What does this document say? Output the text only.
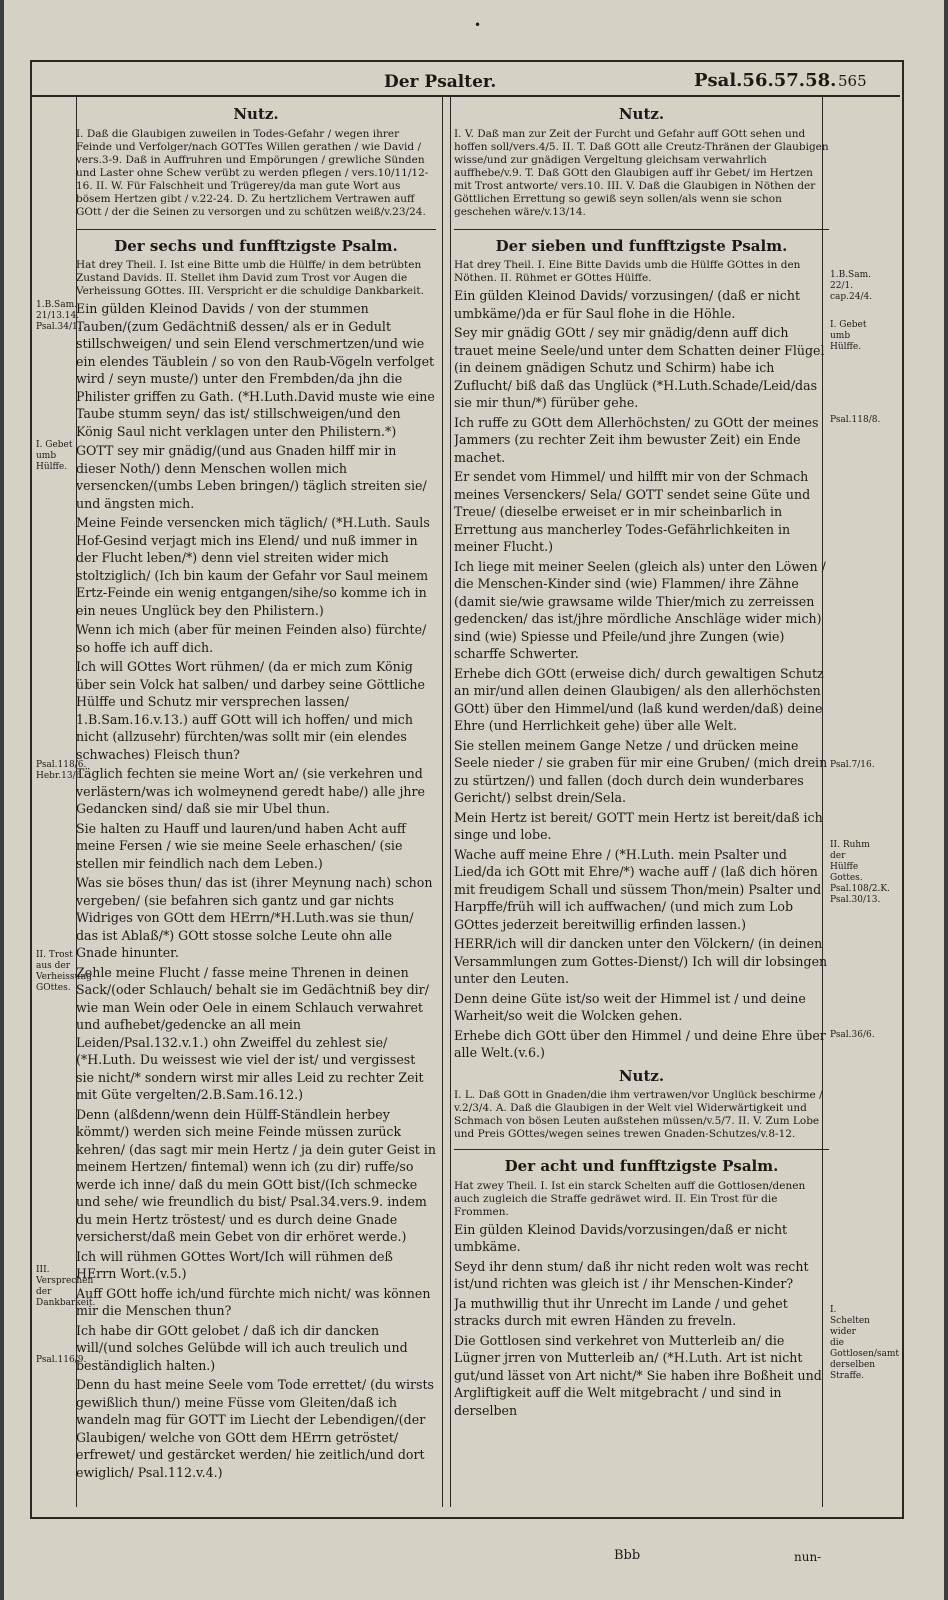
•
Der Psalter.	Psal.56.57.58. 565
1.B.Sam. 21/13.14. Psal.34/1.
I. Gebet umb Hülffe.
Psal.118/6. Hebr.13/6.
II. Trost aus der Verheissung GOttes.
III. Versprechen der Dankbarkeit.
Psal.116/9.
1.B.Sam. 22/1. cap.24/4.
I. Gebet umb Hülffe.
Psal.118/8.
Psal.7/16.
II. Ruhm der Hülffe Gottes. Psal.108/2.K. Psal.30/13.
Psal.36/6.
I. Schelten wider die Gottlosen/samt derselben Straffe.
Nutz.
I. Daß die Glaubigen zuweilen in Todes-Gefahr / wegen ihrer Feinde und Verfolger/nach GOTTes Willen gerathen / wie David / vers.3-9. Daß in Auffruhren und Empörungen / grewliche Sünden und Laster ohne Schew verübt zu werden pflegen / vers.10/11/12-16. II. W. Für Falschheit und Trügerey/da man gute Wort aus bösem Hertzen gibt / v.22-24. D. Zu hertzlichem Vertrawen auff GOtt / der die Seinen zu versorgen und zu schützen weiß/v.23/24.
Der sechs und funfftzigste Psalm.
Hat drey Theil. I. Ist eine Bitte umb die Hülffe/ in dem betrübten Zustand Davids. II. Stellet ihm David zum Trost vor Augen die Verheissung GOttes. III. Verspricht er die schuldige Dankbarkeit.
Ein gülden Kleinod Davids / von der stummen Tauben/(zum Gedächtniß dessen/ als er in Gedult stillschweigen/ und sein Elend verschmertzen/und wie ein elendes Täublein / so von den Raub-Vögeln verfolget wird / seyn muste/) unter den Frembden/da jhn die Philister griffen zu Gath. (*H.Luth.David muste wie eine Taube stumm seyn/ das ist/ stillschweigen/und den König Saul nicht verklagen unter den Philistern.*)
GOTT sey mir gnädig/(und aus Gnaden hilff mir in dieser Noth/) denn Menschen wollen mich versencken/(umbs Leben bringen/) täglich streiten sie/ und ängsten mich.
Meine Feinde versencken mich täglich/ (*H.Luth. Sauls Hof-Gesind verjagt mich ins Elend/ und nuß immer in der Flucht leben/*) denn viel streiten wider mich stoltziglich/ (Ich bin kaum der Gefahr vor Saul meinem Ertz-Feinde ein wenig entgangen/sihe/so komme ich in ein neues Unglück bey den Philistern.)
Wenn ich mich (aber für meinen Feinden also) fürchte/ so hoffe ich auff dich.
Ich will GOttes Wort rühmen/ (da er mich zum König über sein Volck hat salben/ und darbey seine Göttliche Hülffe und Schutz mir versprechen lassen/ 1.B.Sam.16.v.13.) auff GOtt will ich hoffen/ und mich nicht (allzusehr) fürchten/was sollt mir (ein elendes schwaches) Fleisch thun?
Täglich fechten sie meine Wort an/ (sie verkehren und verlästern/was ich wolmeynend geredt habe/) alle jhre Gedancken sind/ daß sie mir Ubel thun.
Sie halten zu Hauff und lauren/und haben Acht auff meine Fersen / wie sie meine Seele erhaschen/ (sie stellen mir feindlich nach dem Leben.)
Was sie böses thun/ das ist (ihrer Meynung nach) schon vergeben/ (sie befahren sich gantz und gar nichts Widriges von GOtt dem HErrn/*H.Luth.was sie thun/ das ist Ablaß/*) GOtt stosse solche Leute ohn alle Gnade hinunter.
Zehle meine Flucht / fasse meine Threnen in deinen Sack/(oder Schlauch/ behalt sie im Gedächtniß bey dir/ wie man Wein oder Oele in einem Schlauch verwahret und aufhebet/gedencke an all mein Leiden/Psal.132.v.1.) ohn Zweiffel du zehlest sie/ (*H.Luth. Du weissest wie viel der ist/ und vergissest sie nicht/* sondern wirst mir alles Leid zu rechter Zeit mit Güte vergelten/2.B.Sam.16.12.)
Denn (alßdenn/wenn dein Hülff-Ständlein herbey kömmt/) werden sich meine Feinde müssen zurück kehren/ (das sagt mir mein Hertz / ja dein guter Geist in meinem Hertzen/ fintemal) wenn ich (zu dir) ruffe/so werde ich inne/ daß du mein GOtt bist/(Ich schmecke und sehe/ wie freundlich du bist/ Psal.34.vers.9. indem du mein Hertz tröstest/ und es durch deine Gnade versicherst/daß mein Gebet von dir erhöret werde.)
Ich will rühmen GOttes Wort/Ich will rühmen deß HErrn Wort.(v.5.)
Auff GOtt hoffe ich/und fürchte mich nicht/ was können mir die Menschen thun?
Ich habe dir GOtt gelobet / daß ich dir dancken will/(und solches Gelübde will ich auch treulich und beständiglich halten.)
Denn du hast meine Seele vom Tode errettet/ (du wirsts gewißlich thun/) meine Füsse vom Gleiten/daß ich wandeln mag für GOTT im Liecht der Lebendigen/(der Glaubigen/ welche von GOtt dem HErrn getröstet/ erfrewet/ und gestärcket werden/ hie zeitlich/und dort ewiglich/ Psal.112.v.4.)
Nutz.
I. V. Daß man zur Zeit der Furcht und Gefahr auff GOtt sehen und hoffen soll/vers.4/5. II. T. Daß GOtt alle Creutz-Thränen der Glaubigen wisse/und zur gnädigen Vergeltung gleichsam verwahrlich auffhebe/v.9. T. Daß GOtt den Glaubigen auff ihr Gebet/ im Hertzen mit Trost antworte/ vers.10. III. V. Daß die Glaubigen in Nöthen der Göttlichen Errettung so gewiß seyn sollen/als wenn sie schon geschehen wäre/v.13/14.
Der sieben und funfftzigste Psalm.
Hat drey Theil. I. Eine Bitte Davids umb die Hülffe GOttes in den Nöthen. II. Rühmet er GOttes Hülffe.
Ein gülden Kleinod Davids/ vorzusingen/ (daß er nicht umbkäme/)da er für Saul flohe in die Höhle.
Sey mir gnädig GOtt / sey mir gnädig/denn auff dich trauet meine Seele/und unter dem Schatten deiner Flügel (in deinem gnädigen Schutz und Schirm) habe ich Zuflucht/ biß daß das Unglück (*H.Luth.Schade/Leid/das sie mir thun/*) fürüber gehe.
Ich ruffe zu GOtt dem Allerhöchsten/ zu GOtt der meines Jammers (zu rechter Zeit ihm bewuster Zeit) ein Ende machet.
Er sendet vom Himmel/ und hilfft mir von der Schmach meines Versenckers/ Sela/ GOTT sendet seine Güte und Treue/ (dieselbe erweiset er in mir scheinbarlich in Errettung aus mancherley Todes-Gefährlichkeiten in meiner Flucht.)
Ich liege mit meiner Seelen (gleich als) unter den Löwen / die Menschen-Kinder sind (wie) Flammen/ ihre Zähne (damit sie/wie grawsame wilde Thier/mich zu zerreissen gedencken/ das ist/jhre mördliche Anschläge wider mich) sind (wie) Spiesse und Pfeile/und jhre Zungen (wie) scharffe Schwerter.
Erhebe dich GOtt (erweise dich/ durch gewaltigen Schutz an mir/und allen deinen Glaubigen/ als den allerhöchsten GOtt) über den Himmel/und (laß kund werden/daß) deine Ehre (und Herrlichkeit gehe) über alle Welt.
Sie stellen meinem Gange Netze / und drücken meine Seele nieder / sie graben für mir eine Gruben/ (mich drein zu stürtzen/) und fallen (doch durch dein wunderbares Gericht/) selbst drein/Sela.
Mein Hertz ist bereit/ GOTT mein Hertz ist bereit/daß ich singe und lobe.
Wache auff meine Ehre / (*H.Luth. mein Psalter und Lied/da ich GOtt mit Ehre/*) wache auff / (laß dich hören mit freudigem Schall und süssem Thon/mein) Psalter und Harpffe/früh will ich auffwachen/ (und mich zum Lob GOttes jederzeit bereitwillig erfinden lassen.)
HERR/ich will dir dancken unter den Völckern/ (in deinen Versammlungen zum Gottes-Dienst/) Ich will dir lobsingen unter den Leuten.
Denn deine Güte ist/so weit der Himmel ist / und deine Warheit/so weit die Wolcken gehen.
Erhebe dich GOtt über den Himmel / und deine Ehre über alle Welt.(v.6.)
Nutz.
I. L. Daß GOtt in Gnaden/die ihm vertrawen/vor Unglück beschirme / v.2/3/4. A. Daß die Glaubigen in der Welt viel Widerwärtigkeit und Schmach von bösen Leuten außstehen müssen/v.5/7. II. V. Zum Lobe und Preis GOttes/wegen seines trewen Gnaden-Schutzes/v.8-12.
Der acht und funfftzigste Psalm.
Hat zwey Theil. I. Ist ein starck Schelten auff die Gottlosen/denen auch zugleich die Straffe gedräwet wird. II. Ein Trost für die Frommen.
Ein gülden Kleinod Davids/vorzusingen/daß er nicht umbkäme.
Seyd ihr denn stum/ daß ihr nicht reden wolt was recht ist/und richten was gleich ist / ihr Menschen-Kinder?
Ja muthwillig thut ihr Unrecht im Lande / und gehet stracks durch mit ewren Händen zu freveln.
Die Gottlosen sind verkehret von Mutterleib an/ die Lügner jrren von Mutterleib an/ (*H.Luth. Art ist nicht gut/und lässet von Art nicht/* Sie haben ihre Boßheit und Argliftigkeit auff die Welt mitgebracht / und sind in derselben
Bbb	nun-
